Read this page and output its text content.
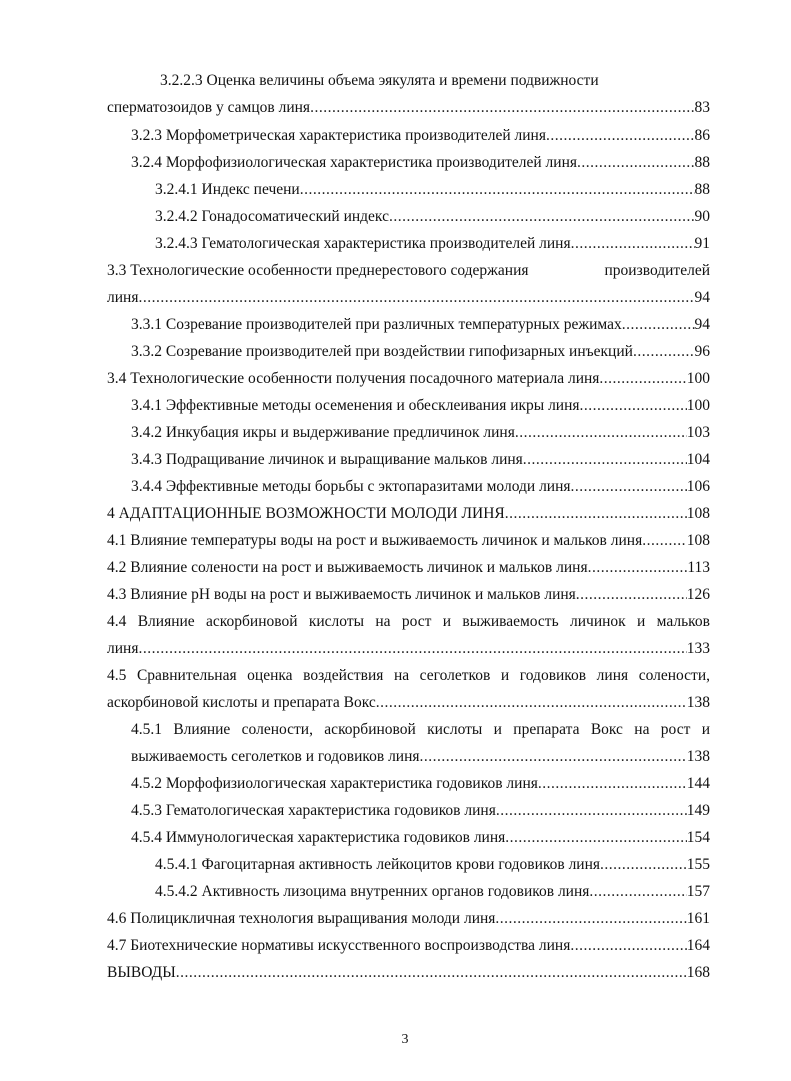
3.2.2.3 Оценка величины объема эякулята и времени подвижности
сперматозоидов у самцов линя .....	83
3.2.3 Морфометрическая характеристика производителей линя .....	86
3.2.4 Морфофизиологическая характеристика производителей линя .....	88
3.2.4.1 Индекс печени .....	88
3.2.4.2 Гонадосоматический индекс .....	90
3.2.4.3 Гематологическая характеристика производителей линя .....	91
3.3 Технологические особенности преднерестового содержания	производителей
линя .....	94
3.3.1 Созревание производителей при различных температурных режимах .....	94
3.3.2 Созревание производителей при воздействии гипофизарных инъекций .....	96
3.4 Технологические особенности получения посадочного материала линя .....	100
3.4.1 Эффективные методы осеменения и обесклеивания икры линя .....	100
3.4.2 Инкубация икры и выдерживание предличинок линя .....	103
3.4.3 Подращивание личинок и выращивание мальков линя .....	104
3.4.4 Эффективные методы борьбы с эктопаразитами молоди линя .....	106
4 АДАПТАЦИОННЫЕ ВОЗМОЖНОСТИ МОЛОДИ ЛИНЯ .....	108
4.1 Влияние температуры воды на рост и выживаемость личинок и мальков линя .....	108
4.2 Влияние солености на рост и выживаемость личинок и мальков линя .....	113
4.3 Влияние pH воды на рост и выживаемость личинок и мальков линя .....	126
4.4 Влияние аскорбиновой кислоты на рост и выживаемость личинок и мальков
линя .....	133
4.5 Сравнительная оценка воздействия на сеголетков и годовиков линя солености,
аскорбиновой кислоты и препарата Вокс .....	138
4.5.1 Влияние солености, аскорбиновой кислоты и препарата Вокс на рост и
выживаемость сеголетков и годовиков линя .....	138
4.5.2 Морфофизиологическая характеристика годовиков линя .....	144
4.5.3 Гематологическая характеристика годовиков линя .....	149
4.5.4 Иммунологическая характеристика годовиков линя .....	154
4.5.4.1 Фагоцитарная активность лейкоцитов крови годовиков линя .....	155
4.5.4.2 Активность лизоцима внутренних органов годовиков линя .....	157
4.6 Полицикличная технология выращивания молоди линя .....	161
4.7 Биотехнические нормативы искусственного воспроизводства линя .....	164
ВЫВОДЫ .....	168
3
